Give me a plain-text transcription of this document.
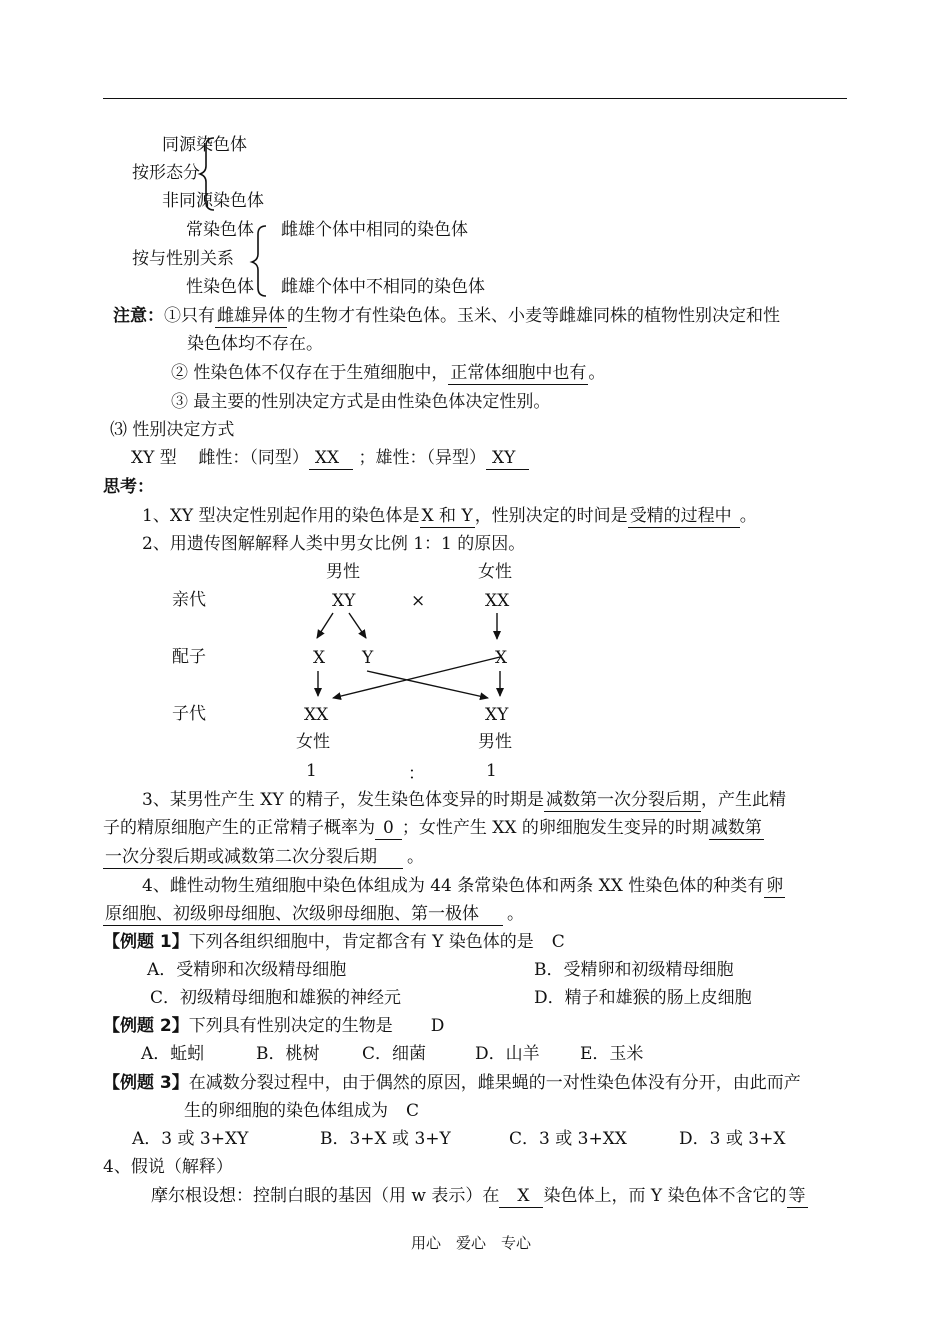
同源染色体
按形态分
非同源染色体
常染色体 雌雄个体中相同的染色体
按与性别关系
性染色体 雌雄个体中不相同的染色体
注意：①只有 雌雄异体 的生物才有性染色体。玉米、小麦等雌雄同株的植物性别决定和性
染色体均不存在。
② 性染色体不仅存在于生殖细胞中， 正常体细胞中也有 。
③ 最主要的性别决定方式是由性染色体决定性别。
⑶ 性别决定方式
XY 型    雌性：（同型） XX ；雄性：（异型） XY
思考：
1、XY 型决定性别起作用的染色体是 X 和 Y ，性别决定的时间是 受精的过程中 。
2、用遗传图解解释人类中男女比例 1：1 的原因。
男性	女性
亲代	XY	×	XX
配子	X Y	X
子代	XX	XY
女性	男性
1	：	1
3、某男性产生 XY 的精子，发生染色体变异的时期是 减数第一次分裂后期 ，产生此精
子的精原细胞产生的正常精子概率为 0 ；女性产生 XX 的卵细胞发生变异的时期 减数第
一次分裂后期或减数第二次分裂后期 。
4、雌性动物生殖细胞中染色体组成为 44 条常染色体和两条 XX 性染色体的种类有 卵
原细胞、初级卵母细胞、次级卵母细胞、第一极体 。
【例题 1】下列各组织细胞中，肯定都含有 Y 染色体的是 C
A．受精卵和次级精母细胞	B．受精卵和初级精母细胞
C．初级精母细胞和雄猴的神经元	D．精子和雄猴的肠上皮细胞
【例题 2】下列具有性别决定的生物是 D
A．蚯蚓	B．桃树	C．细菌	D．山羊 E．玉米
【例题 3】在减数分裂过程中，由于偶然的原因，雌果蝇的一对性染色体没有分开，由此而产
生的卵细胞的染色体组成为 C
A．3 或 3+XY	B．3+X 或 3+Y	C．3 或 3+XX	D．3 或 3+X
4、假说（解释）
摩尔根设想：控制白眼的基因（用 w 表示）在 X 染色体上，而 Y 染色体不含它的 等
用心　爱心　专心
